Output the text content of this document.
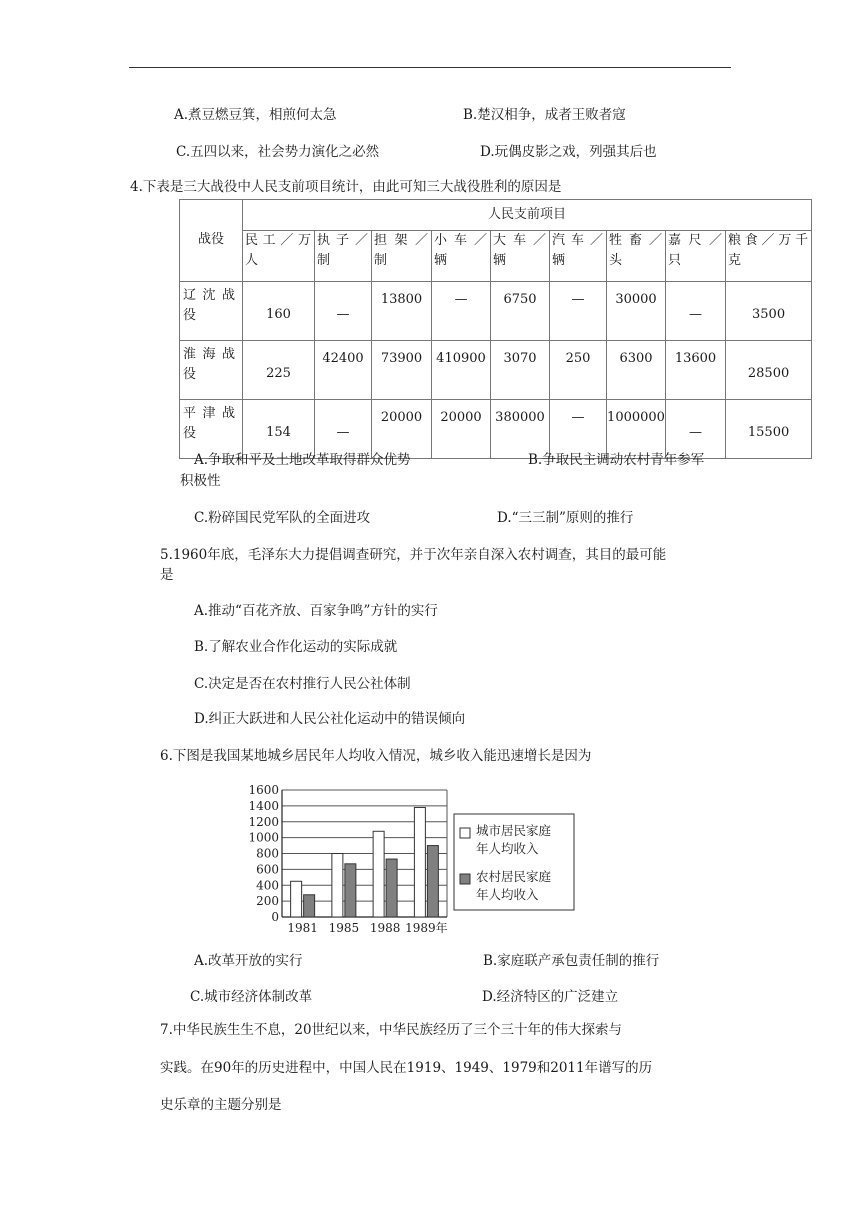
A.煮豆燃豆箕，相煎何太急	B.楚汉相争，成者王败者寇
C.五四以来，社会势力演化之必然	D.玩偶皮影之戏，列强其后也
4.下表是三大战役中人民支前项目统计，由此可知三大战役胜利的原因是
战役	人民支前项目								
	民工／万人	执子／制	担架／制	小车／辆	大车／辆	汽车／辆	牲畜／头	嘉尺／只	粮食／万千克
辽沈战役	160	—	13800	—	6750	—	30000	—	3500
淮海战役	225	42400	73900	410900	3070	250	6300	13600	28500
平津战役	154	—	20000	20000	380000	—	1000000	—	15500
A.争取和平及土地改革取得群众优势	B.争取民主调动农村青年参军
积极性
C.粉碎国民党军队的全面进攻	D.“三三制”原则的推行
5.1960年底，毛泽东大力提倡调查研究，并于次年亲自深入农村调查，其目的最可能
是
A.推动“百花齐放、百家争鸣”方针的实行
B.了解农业合作化运动的实际成就
C.决定是否在农村推行人民公社体制
D.纠正大跃进和人民公社化运动中的错误倾向
6.下图是我国某地城乡居民年人均收入情况，城乡收入能迅速增长是因为
0
200
400
600
800
1000
1200
1400
1600
1981 1985 1988 1989年
城市居民家庭
年人均收入
农村居民家庭
年人均收入
A.改革开放的实行	B.家庭联产承包责任制的推行
C.城市经济体制改革	D.经济特区的广泛建立
7.中华民族生生不息，20世纪以来，中华民族经历了三个三十年的伟大探索与
实践。在90年的历史进程中，中国人民在1919、1949、1979和2011年谱写的历
史乐章的主题分别是
